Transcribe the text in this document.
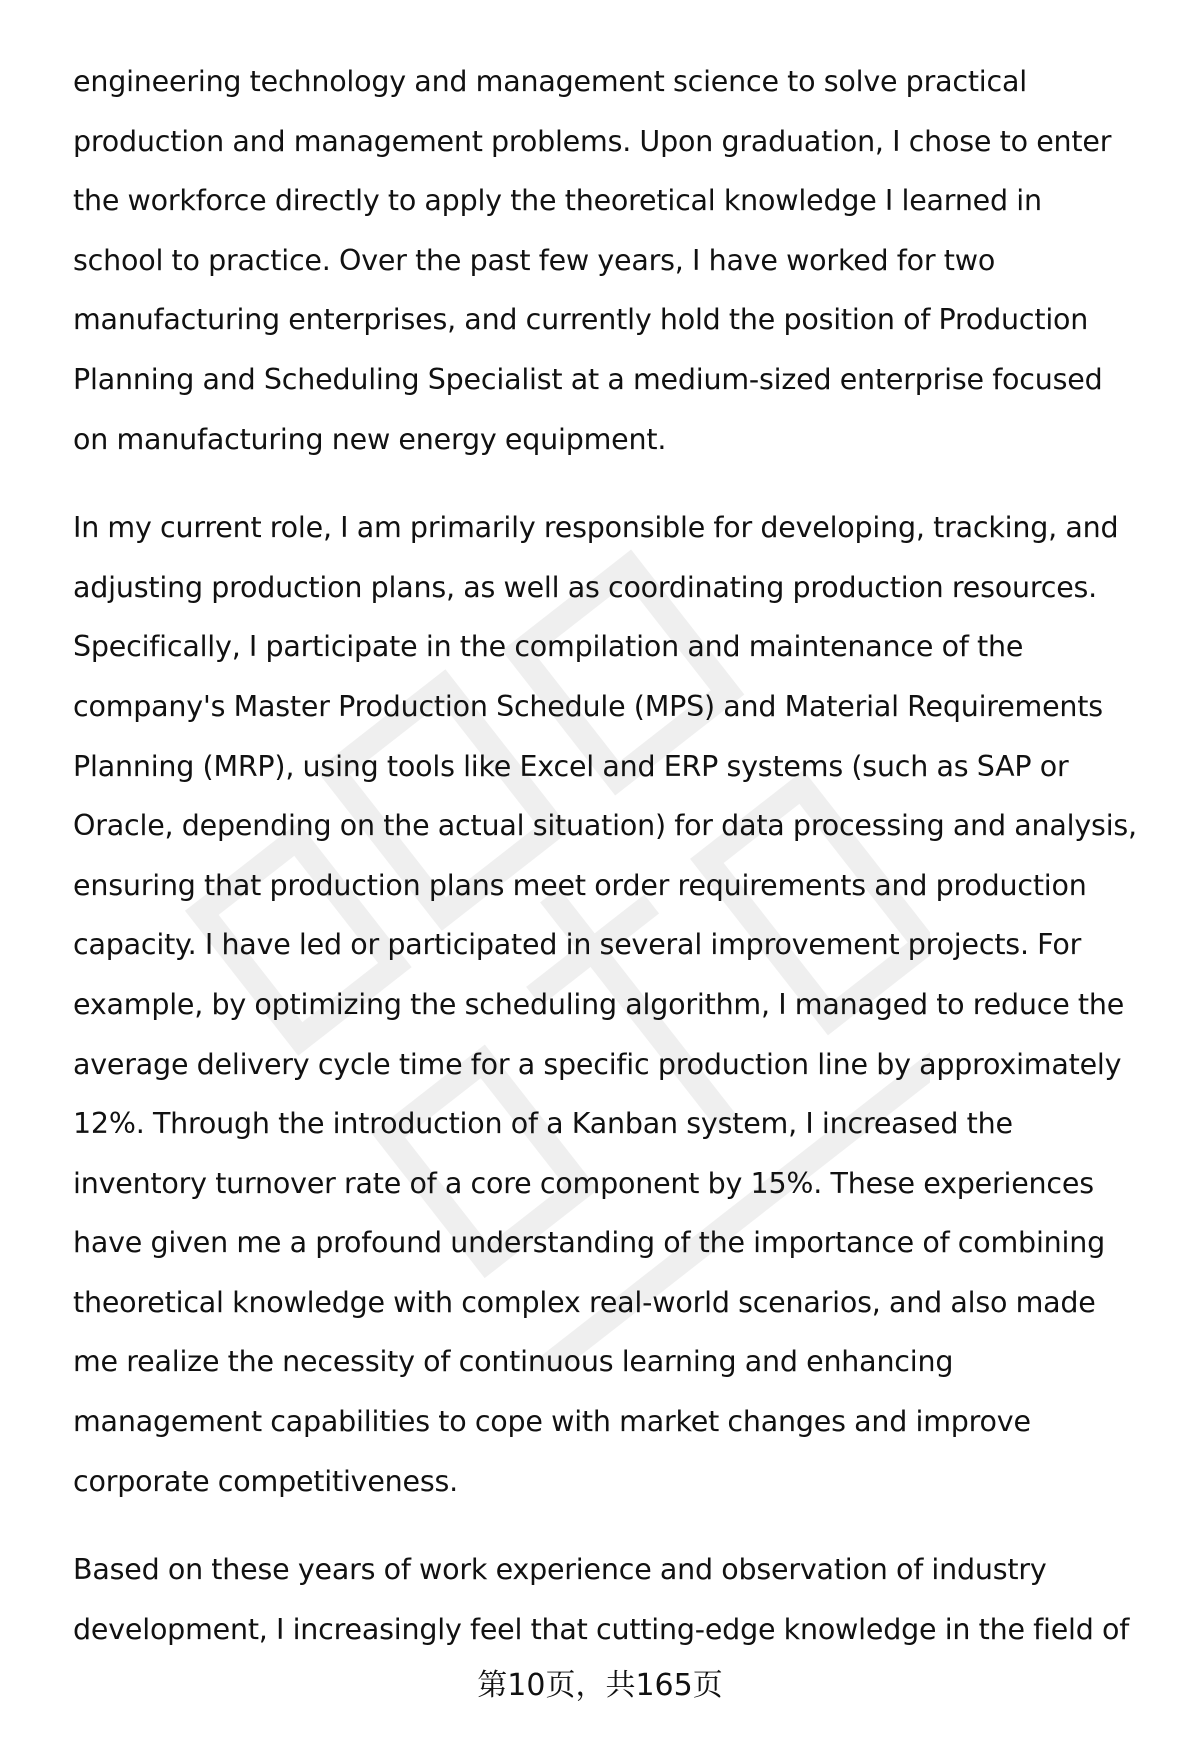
engineering technology and management science to solve practical
production and management problems. Upon graduation, I chose to enter
the workforce directly to apply the theoretical knowledge I learned in
school to practice. Over the past few years, I have worked for two
manufacturing enterprises, and currently hold the position of Production
Planning and Scheduling Specialist at a medium-sized enterprise focused
on manufacturing new energy equipment.

In my current role, I am primarily responsible for developing, tracking, and
adjusting production plans, as well as coordinating production resources.
Specifically, I participate in the compilation and maintenance of the
company's Master Production Schedule (MPS) and Material Requirements
Planning (MRP), using tools like Excel and ERP systems (such as SAP or
Oracle, depending on the actual situation) for data processing and analysis,
ensuring that production plans meet order requirements and production
capacity. I have led or participated in several improvement projects. For
example, by optimizing the scheduling algorithm, I managed to reduce the
average delivery cycle time for a specific production line by approximately
12%. Through the introduction of a Kanban system, I increased the
inventory turnover rate of a core component by 15%. These experiences
have given me a profound understanding of the importance of combining
theoretical knowledge with complex real-world scenarios, and also made
me realize the necessity of continuous learning and enhancing
management capabilities to cope with market changes and improve
corporate competitiveness.

Based on these years of work experience and observation of industry
development, I increasingly feel that cutting-edge knowledge in the field of

第10页，共165页
